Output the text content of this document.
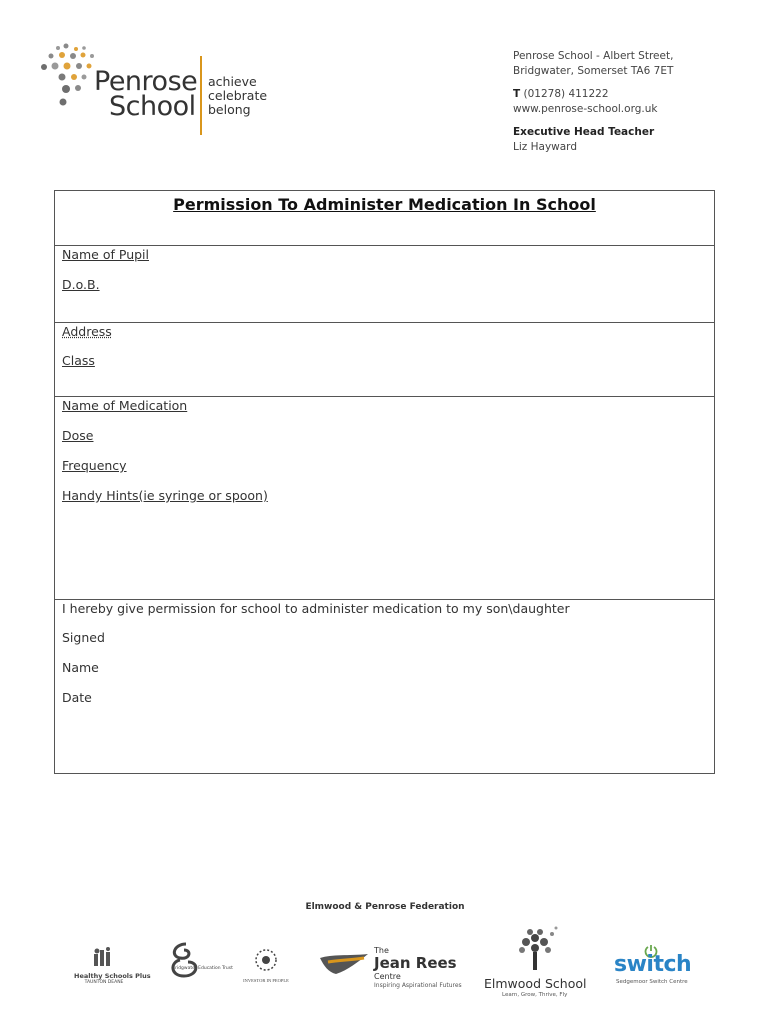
Penrose
School
achieve
celebrate
belong
Penrose School - Albert Street,
Bridgwater, Somerset TA6 7ET
T (01278) 411222
www.penrose-school.org.uk
Executive Head Teacher
Liz Hayward
Permission To Administer Medication In School
Name of Pupil
D.o.B.
Address
Class
Name of Medication
Dose
Frequency
Handy Hints(ie syringe or spoon)
I hereby give permission for school to administer medication to my son\daughter
Signed
Name
Date
Elmwood & Penrose Federation
Healthy Schools Plus
TAUNTON DEANE
Bridgwater Education Trust
INVESTOR IN PEOPLE
The
Jean Rees
Centre
Inspiring Aspirational Futures Elmwood School
Learn, Grow, Thrive, Fly
switch
Sedgemoor Switch Centre
